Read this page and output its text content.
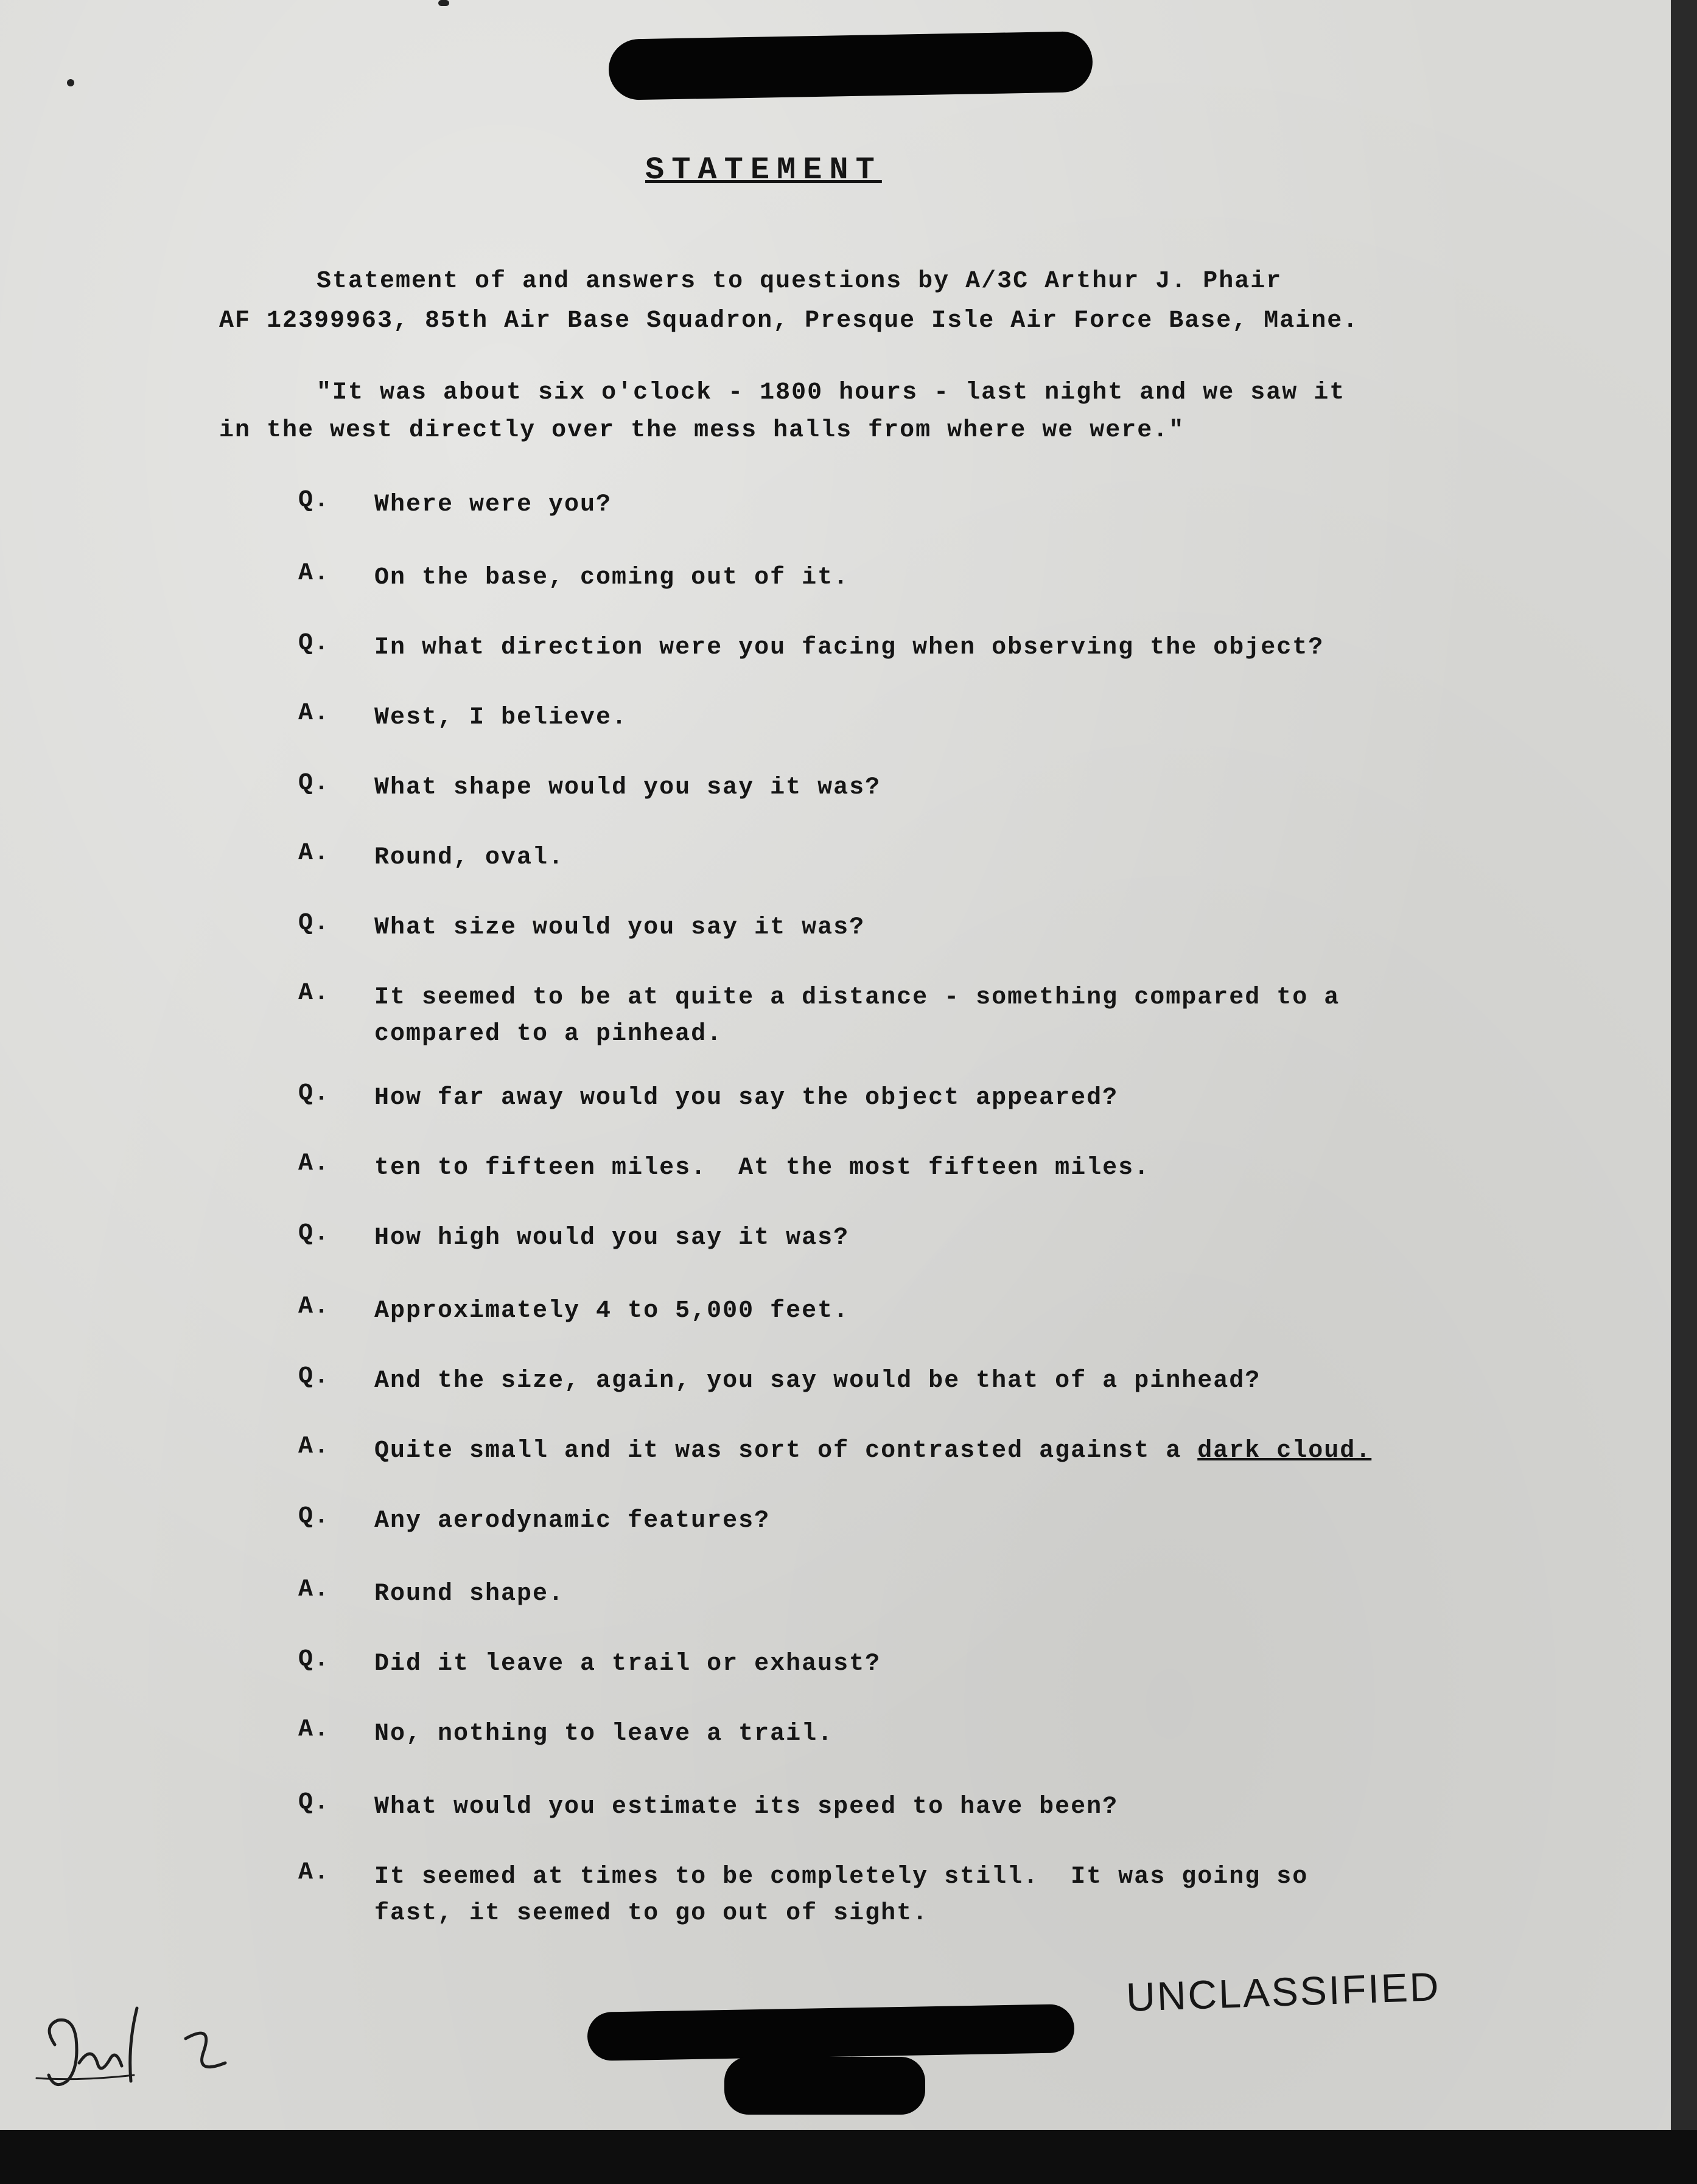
STATEMENT
Statement of and answers to questions by A/3C Arthur J. Phair
AF 12399963, 85th Air Base Squadron, Presque Isle Air Force Base, Maine.
"It was about six o'clock - 1800 hours - last night and we saw it
in the west directly over the mess halls from where we were."
Q. Where were you?
A. On the base, coming out of it.
Q. In what direction were you facing when observing the object?
A. West, I believe.
Q. What shape would you say it was?
A. Round, oval.
Q. What size would you say it was?
A. It seemed to be at quite a distance - something compared to a
compared to a pinhead.
Q. How far away would you say the object appeared?
A. ten to fifteen miles.  At the most fifteen miles.
Q. How high would you say it was?
A. Approximately 4 to 5,000 feet.
Q. And the size, again, you say would be that of a pinhead?
A. Quite small and it was sort of contrasted against a dark cloud.
Q. Any aerodynamic features?
A. Round shape.
Q. Did it leave a trail or exhaust?
A. No, nothing to leave a trail.
Q. What would you estimate its speed to have been?
A. It seemed at times to be completely still.  It was going so
fast, it seemed to go out of sight.
UNCLASSIFIED
